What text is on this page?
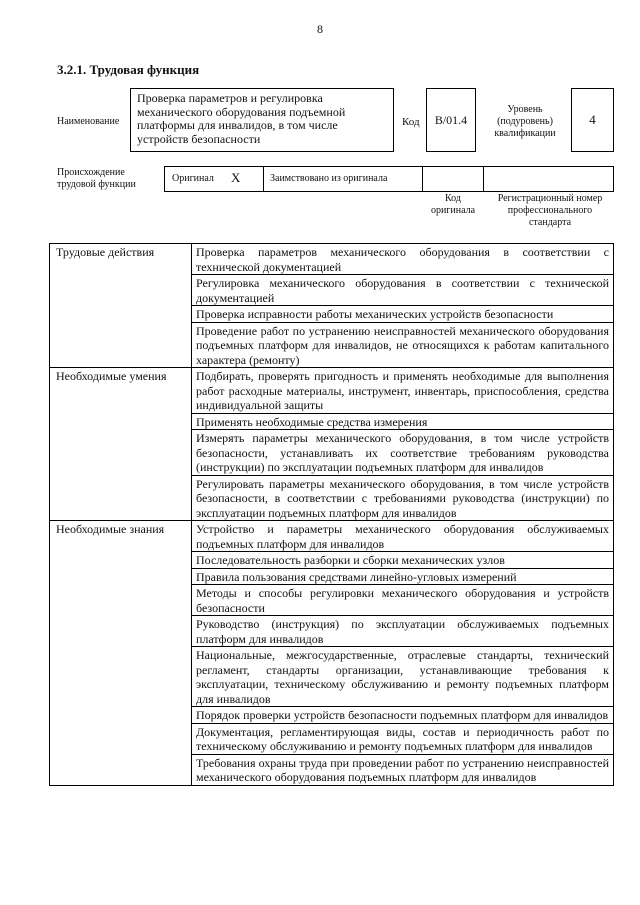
8
3.2.1. Трудовая функция
Наименование
Проверка параметров и регулировка механического оборудования подъемной платформы для инвалидов, в том числе устройств безопасности
Код	B/01.4
Уровень (подуровень) квалификации
4
Происхождение трудовой функции
Оригинал X	Заимствовано из оригинала
Код оригинала
Регистрационный номер профессионального стандарта
Трудовые действия	Проверка параметров механического оборудования в соответствии с технической документацией
	Регулировка механического оборудования в соответствии с технической документацией
	Проверка исправности работы механических устройств безопасности
	Проведение работ по устранению неисправностей механического оборудования подъемных платформ для инвалидов, не относящихся к работам капитального характера (ремонту)
Необходимые умения	Подбирать, проверять пригодность и применять необходимые для выполнения работ расходные материалы, инструмент, инвентарь, приспособления, средства индивидуальной защиты
	Применять необходимые средства измерения
	Измерять параметры механического оборудования, в том числе устройств безопасности, устанавливать их соответствие требованиям руководства (инструкции) по эксплуатации подъемных платформ для инвалидов
	Регулировать параметры механического оборудования, в том числе устройств безопасности, в соответствии с требованиями руководства (инструкции) по эксплуатации подъемных платформ для инвалидов
Необходимые знания	Устройство и параметры механического оборудования обслуживаемых подъемных платформ для инвалидов
	Последовательность разборки и сборки механических узлов
	Правила пользования средствами линейно-угловых измерений
	Методы и способы регулировки механического оборудования и устройств безопасности
	Руководство (инструкция) по эксплуатации обслуживаемых подъемных платформ для инвалидов
	Национальные, межгосударственные, отраслевые стандарты, технический регламент, стандарты организации, устанавливающие требования к эксплуатации, техническому обслуживанию и ремонту подъемных платформ для инвалидов
	Порядок проверки устройств безопасности подъемных платформ для инвалидов
	Документация, регламентирующая виды, состав и периодичность работ по техническому обслуживанию и ремонту подъемных платформ для инвалидов
	Требования охраны труда при проведении работ по устранению неисправностей механического оборудования подъемных платформ для инвалидов
